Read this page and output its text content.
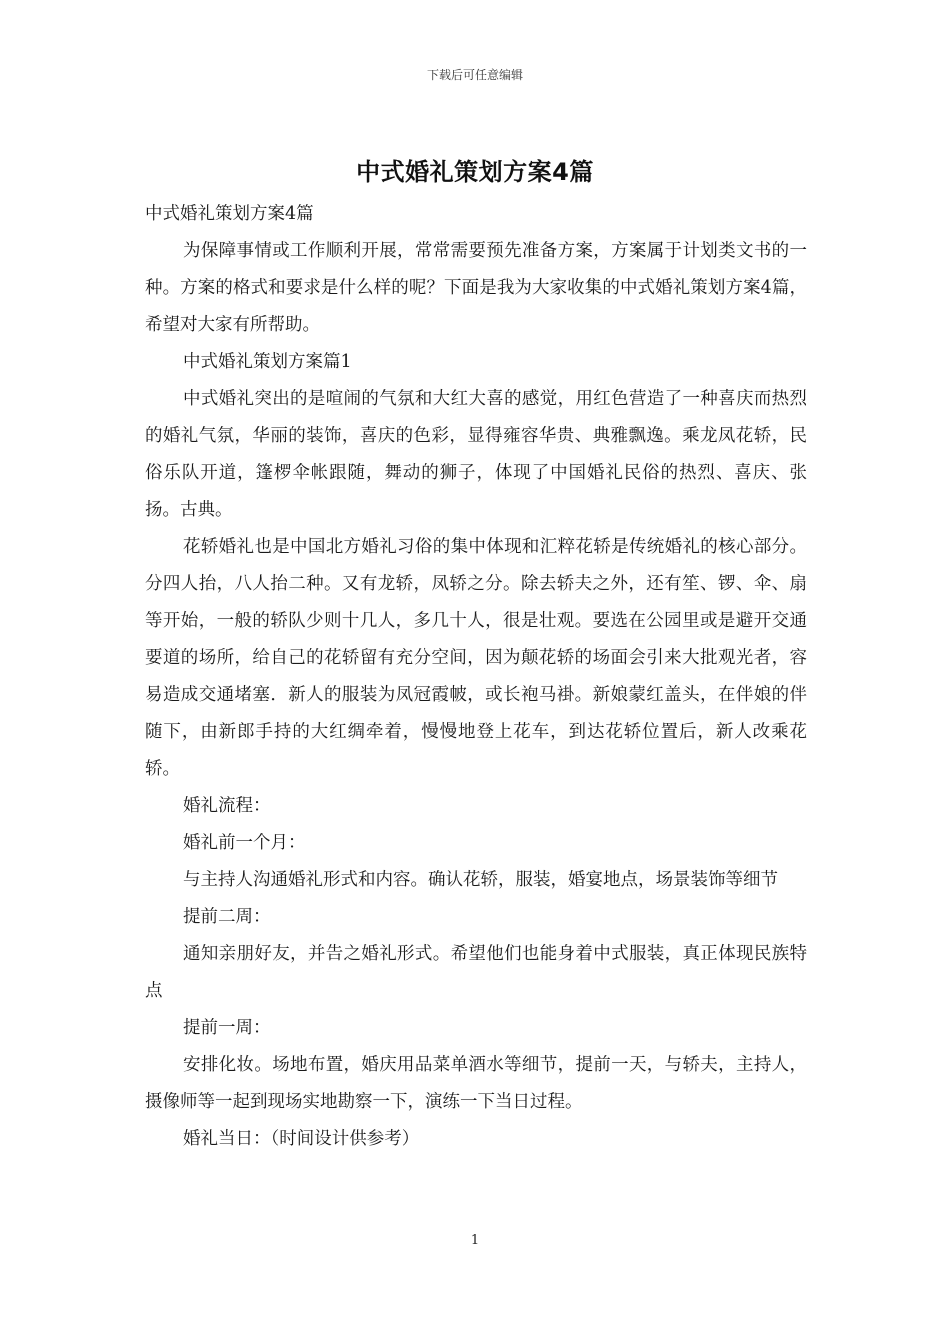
下载后可任意编辑
中式婚礼策划方案4篇

中式婚礼策划方案4篇

为保障事情或工作顺利开展，常常需要预先准备方案，方案属于计划类文书的一种。方案的格式和要求是什么样的呢？下面是我为大家收集的中式婚礼策划方案4篇，希望对大家有所帮助。

中式婚礼策划方案篇1

中式婚礼突出的是喧闹的气氛和大红大喜的感觉，用红色营造了一种喜庆而热烈的婚礼气氛，华丽的装饰，喜庆的色彩，显得雍容华贵、典雅飘逸。乘龙凤花轿，民俗乐队开道，篷椤伞帐跟随，舞动的狮子，体现了中国婚礼民俗的热烈、喜庆、张扬。古典。

花轿婚礼也是中国北方婚礼习俗的集中体现和汇粹花轿是传统婚礼的核心部分。分四人抬，八人抬二种。又有龙轿，凤轿之分。除去轿夫之外，还有笙、锣、伞、扇等开始，一般的轿队少则十几人，多几十人，很是壮观。要选在公园里或是避开交通要道的场所，给自己的花轿留有充分空间，因为颠花轿的场面会引来大批观光者，容易造成交通堵塞．新人的服装为凤冠霞帔，或长袍马褂。新娘蒙红盖头，在伴娘的伴随下，由新郎手持的大红绸牵着，慢慢地登上花车，到达花轿位置后，新人改乘花轿。

婚礼流程：

婚礼前一个月：

与主持人沟通婚礼形式和内容。确认花轿，服装，婚宴地点，场景装饰等细节

提前二周：

通知亲朋好友，并告之婚礼形式。希望他们也能身着中式服装，真正体现民族特点

提前一周：

安排化妆。场地布置，婚庆用品菜单酒水等细节，提前一天，与轿夫，主持人，摄像师等一起到现场实地勘察一下，演练一下当日过程。

婚礼当日：（时间设计供参考）

1
